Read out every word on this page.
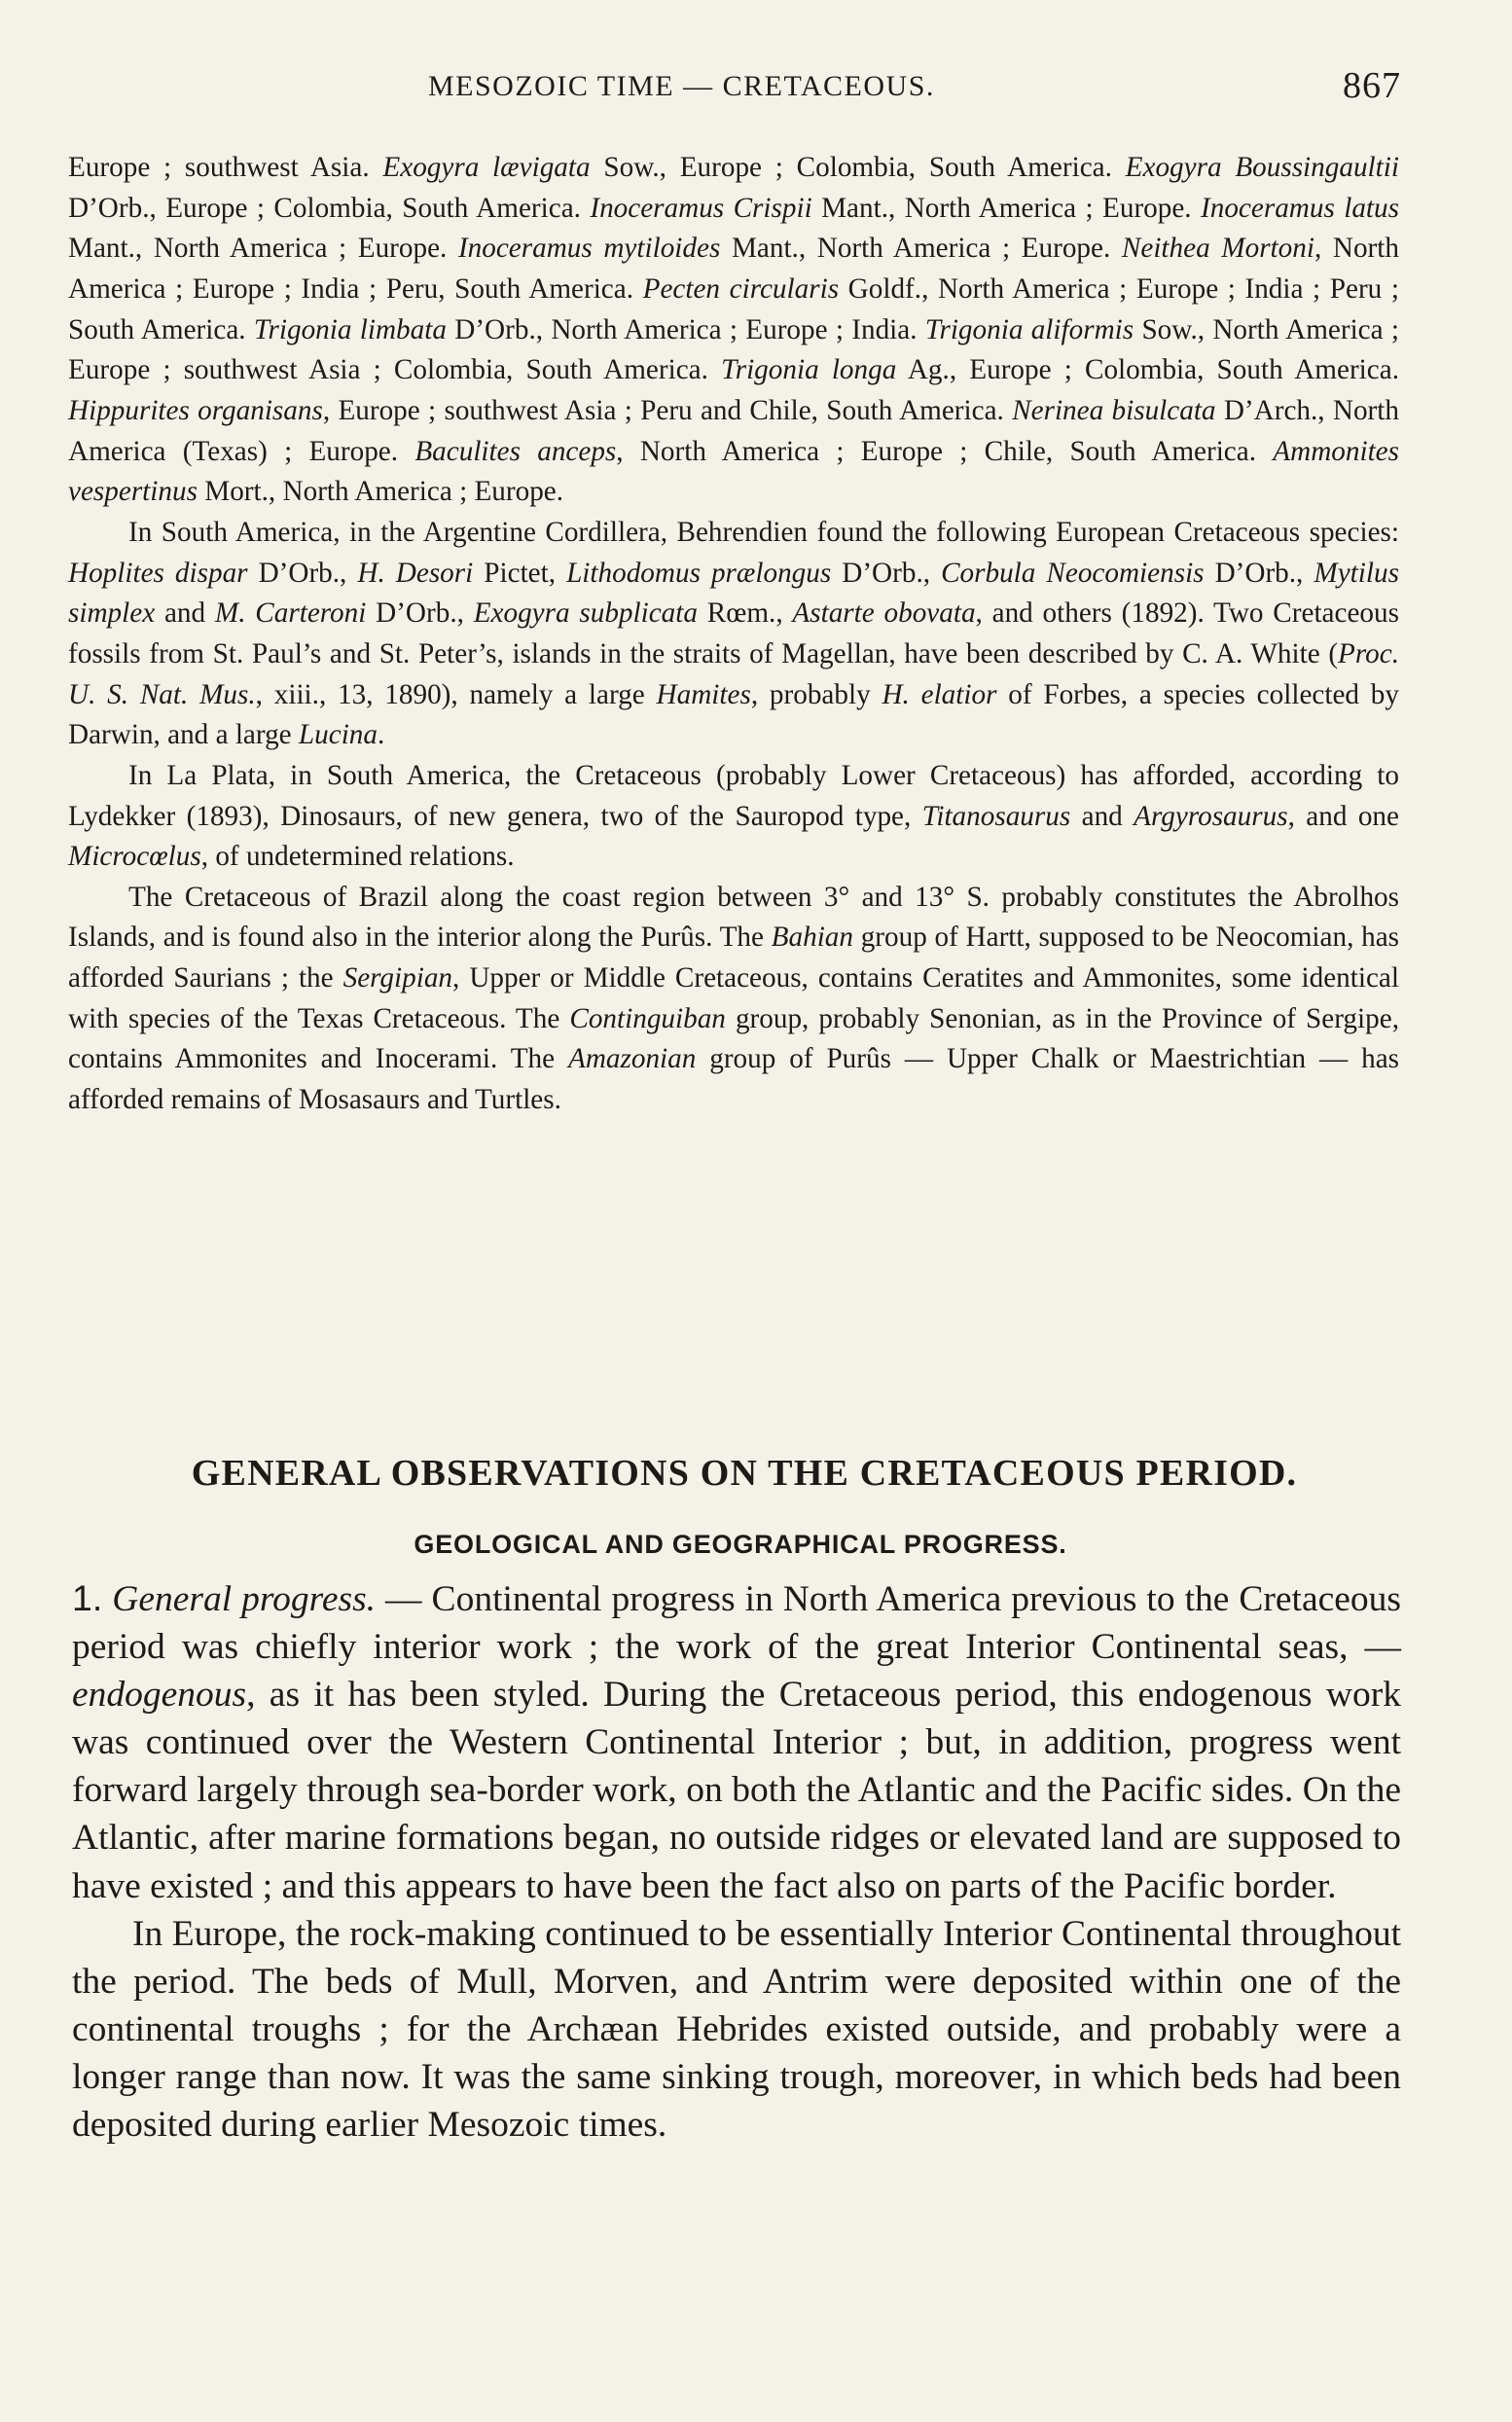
MESOZOIC TIME — CRETACEOUS.	867

Europe ; southwest Asia. Exogyra lævigata Sow., Europe ; Colombia, South America. Exogyra Boussingaultii D’Orb., Europe ; Colombia, South America. Inoceramus Crispii Mant., North America ; Europe. Inoceramus latus Mant., North America ; Europe. Inoceramus mytiloides Mant., North America ; Europe. Neithea Mortoni, North America ; Europe ; India ; Peru, South America. Pecten circularis Goldf., North America ; Europe ; India ; Peru ; South America. Trigonia limbata D’Orb., North America ; Europe ; India. Trigonia aliformis Sow., North America ; Europe ; southwest Asia ; Colombia, South America. Trigonia longa Ag., Europe ; Colombia, South America. Hippurites organisans, Europe ; southwest Asia ; Peru and Chile, South America. Nerinea bisulcata D’Arch., North America (Texas) ; Europe. Baculites anceps, North America ; Europe ; Chile, South America. Ammonites vespertinus Mort., North America ; Europe.

In South America, in the Argentine Cordillera, Behrendien found the following European Cretaceous species: Hoplites dispar D’Orb., H. Desori Pictet, Lithodomus prælongus D’Orb., Corbula Neocomiensis D’Orb., Mytilus simplex and M. Carteroni D’Orb., Exogyra subplicata Rœm., Astarte obovata, and others (1892). Two Cretaceous fossils from St. Paul’s and St. Peter’s, islands in the straits of Magellan, have been described by C. A. White (Proc. U. S. Nat. Mus., xiii., 13, 1890), namely a large Hamites, probably H. elatior of Forbes, a species collected by Darwin, and a large Lucina.

In La Plata, in South America, the Cretaceous (probably Lower Cretaceous) has afforded, according to Lydekker (1893), Dinosaurs, of new genera, two of the Sauropod type, Titanosaurus and Argyrosaurus, and one Microcœlus, of undetermined relations.

The Cretaceous of Brazil along the coast region between 3° and 13° S. probably constitutes the Abrolhos Islands, and is found also in the interior along the Purûs. The Bahian group of Hartt, supposed to be Neocomian, has afforded Saurians ; the Sergipian, Upper or Middle Cretaceous, contains Ceratites and Ammonites, some identical with species of the Texas Cretaceous. The Continguiban group, probably Senonian, as in the Province of Sergipe, contains Ammonites and Inocerami. The Amazonian group of Purûs — Upper Chalk or Maestrichtian — has afforded remains of Mosasaurs and Turtles.

GENERAL OBSERVATIONS ON THE CRETACEOUS PERIOD.
GEOLOGICAL AND GEOGRAPHICAL PROGRESS.

1. General progress. — Continental progress in North America previous to the Cretaceous period was chiefly interior work ; the work of the great Interior Continental seas, — endogenous, as it has been styled. During the Cretaceous period, this endogenous work was continued over the Western Continental Interior ; but, in addition, progress went forward largely through sea-border work, on both the Atlantic and the Pacific sides. On the Atlantic, after marine formations began, no outside ridges or elevated land are supposed to have existed ; and this appears to have been the fact also on parts of the Pacific border.

In Europe, the rock-making continued to be essentially Interior Continental throughout the period. The beds of Mull, Morven, and Antrim were deposited within one of the continental troughs ; for the Archæan Hebrides existed outside, and probably were a longer range than now. It was the same sinking trough, moreover, in which beds had been deposited during earlier Mesozoic times.
